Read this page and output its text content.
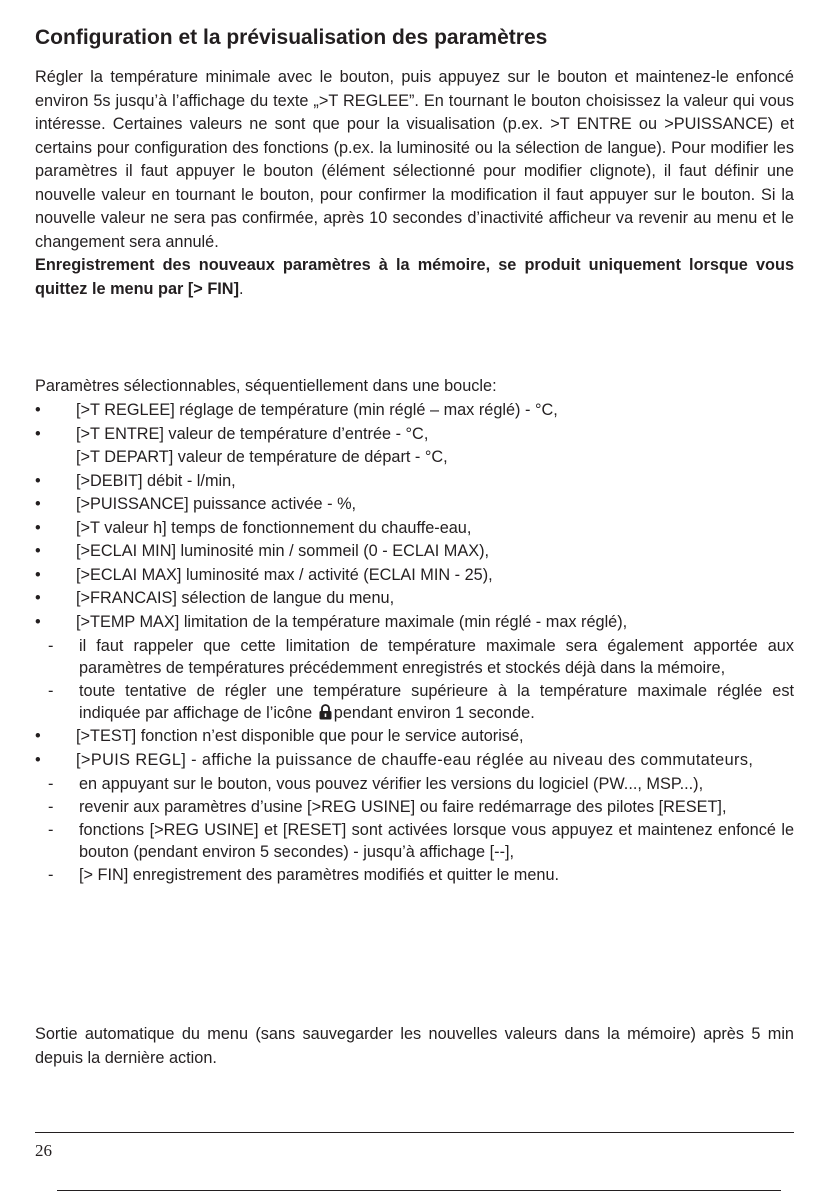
Configuration et la prévisualisation des paramètres

Régler la température minimale avec le bouton, puis appuyez sur le bouton et maintenez-le enfoncé environ 5s jusqu’à l’affichage du texte „>T REGLEE”. En tournant le bouton choisissez la valeur qui vous intéresse. Certaines valeurs ne sont que pour la visualisation (p.ex. >T ENTRE ou >PUISSANCE) et certains pour configuration des fonctions (p.ex. la luminosité ou la sélection de langue). Pour modifier les paramètres il faut appuyer le bouton (élément sélectionné pour modifier clignote), il faut définir une nouvelle valeur en tournant le bouton, pour confirmer la modification il faut appuyer sur le bouton. Si la nouvelle valeur ne sera pas confirmée, après 10 secondes d’inactivité afficheur va revenir au menu et le changement sera annulé.
Enregistrement des nouveaux paramètres à la mémoire, se produit uniquement lorsque vous quittez le menu par [> FIN].

Paramètres sélectionnables, séquentiellement dans une boucle:
• [>T REGLEE] réglage de température (min réglé – max réglé) - °C,
• [>T ENTRE] valeur de température d’entrée - °C,
[>T DEPART] valeur de température de départ - °C,
• [>DEBIT] débit - l/min,
• [>PUISSANCE] puissance activée - %,
• [>T valeur h] temps de fonctionnement du chauffe-eau,
• [>ECLAI MIN] luminosité min / sommeil (0 - ECLAI MAX),
• [>ECLAI MAX] luminosité max / activité (ECLAI MIN - 25),
• [>FRANCAIS] sélection de langue du menu,
• [>TEMP MAX] limitation de la température maximale (min réglé - max réglé),
- il faut rappeler que cette limitation de température maximale sera également apportée aux paramètres de températures précédemment enregistrés et stockés déjà dans la mémoire,
- toute tentative de régler une température supérieure à la température maximale réglée est indiquée par affichage de l’icône pendant environ 1 seconde.
• [>TEST] fonction n’est disponible que pour le service autorisé,
• [>PUIS REGL] - affiche la puissance de chauffe-eau réglée au niveau des commutateurs,
- en appuyant sur le bouton, vous pouvez vérifier les versions du logiciel (PW..., MSP...),
- revenir aux paramètres d’usine [>REG USINE] ou faire redémarrage des pilotes [RESET],
- fonctions [>REG USINE] et [RESET] sont activées lorsque vous appuyez et maintenez enfoncé le bouton (pendant environ 5 secondes) - jusqu’à affichage [--],
- [> FIN] enregistrement des paramètres modifiés et quitter le menu.

Sortie automatique du menu (sans sauvegarder les nouvelles valeurs dans la mémoire) après 5 min depuis la dernière action.

26
